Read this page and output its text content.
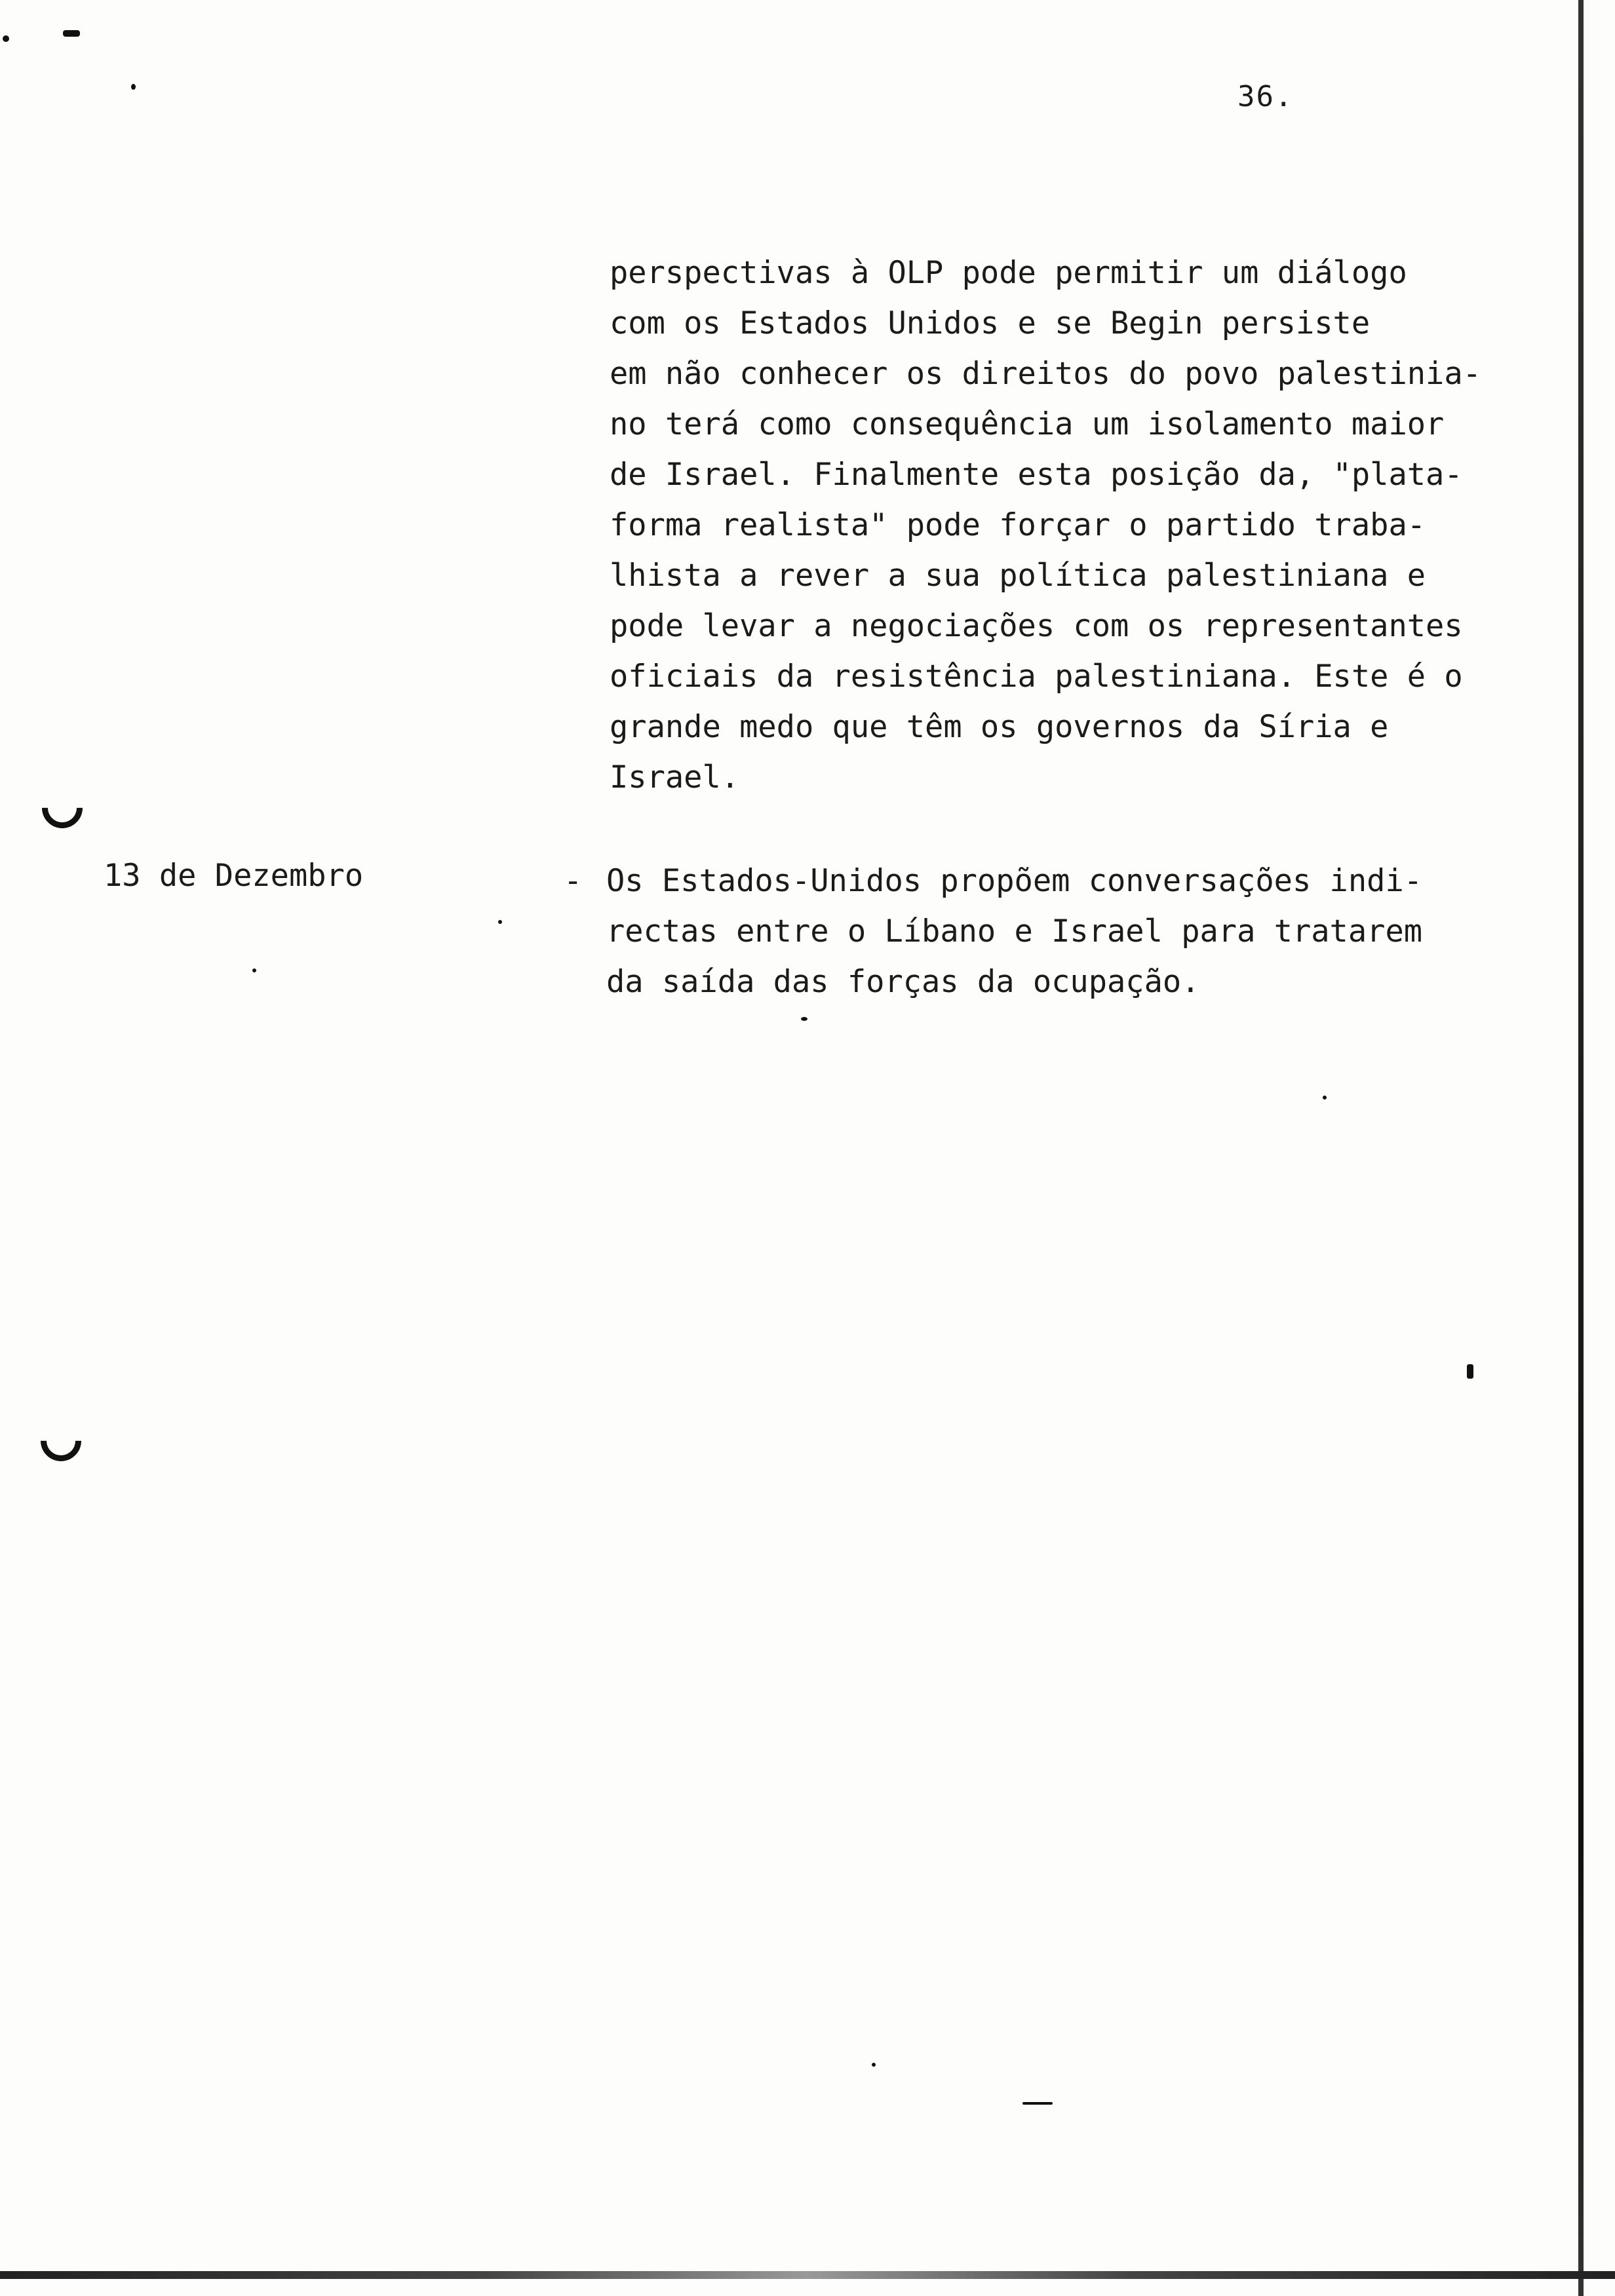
36.

perspectivas à OLP pode permitir um diálogo
com os Estados Unidos e se Begin persiste
em não conhecer os direitos do povo palestinia-
no terá como consequência um isolamento maior
de Israel. Finalmente esta posição da, "plata-
forma realista" pode forçar o partido traba-
lhista a rever a sua política palestiniana e
pode levar a negociações com os representantes
oficiais da resistência palestiniana. Este é o
grande medo que têm os governos da Síria e
Israel.

13 de Dezembro	- Os Estados-Unidos propõem conversações indi-
rectas entre o Líbano e Israel para tratarem
da saída das forças da ocupação.
